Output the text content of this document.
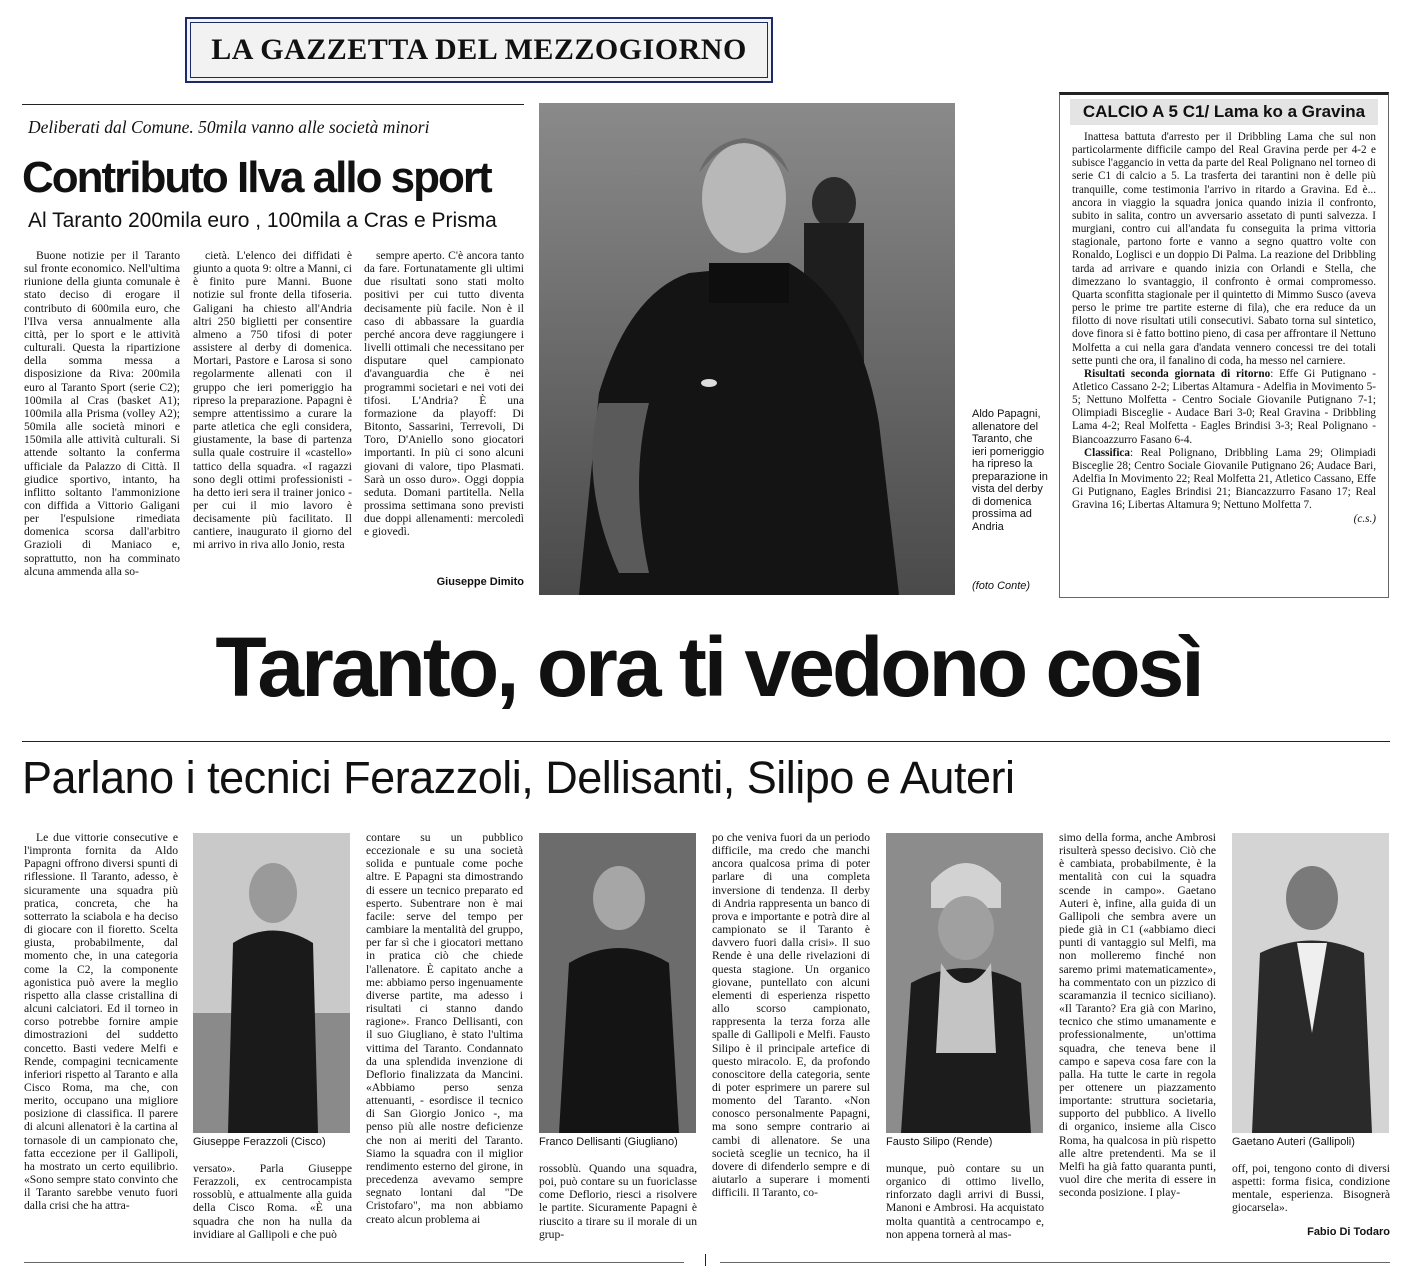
LA GAZZETTA DEL MEZZOGIORNO
Deliberati dal Comune. 50mila vanno alle società minori
Contributo Ilva allo sport
Al Taranto 200mila euro , 100mila a Cras e Prisma

Buone notizie per il Taranto sul fronte economico. Nell'ultima riunione della giunta comunale è stato deciso di erogare il contributo di 600mila euro, che l'Ilva versa annualmente alla città, per lo sport e le attività culturali. Questa la ripartizione della somma messa a disposizione da Riva: 200mila euro al Taranto Sport (serie C2); 100mila al Cras (basket A1); 100mila alla Prisma (volley A2); 50mila alle società minori e 150mila alle attività culturali. Si attende soltanto la conferma ufficiale da Palazzo di Città. Il giudice sportivo, intanto, ha inflitto soltanto l'ammonizione con diffida a Vittorio Galigani per l'espulsione rimediata domenica scorsa dall'arbitro Grazioli di Maniaco e, soprattutto, non ha comminato alcuna ammenda alla so-

cietà. L'elenco dei diffidati è giunto a quota 9: oltre a Manni, ci è finito pure Manni. Buone notizie sul fronte della tifoseria. Galigani ha chiesto all'Andria altri 250 biglietti per consentire almeno a 750 tifosi di poter assistere al derby di domenica. Mortari, Pastore e Larosa si sono regolarmente allenati con il gruppo che ieri pomeriggio ha ripreso la preparazione. Papagni è sempre attentissimo a curare la parte atletica che egli considera, giustamente, la base di partenza sulla quale costruire il «castello» tattico della squadra. «I ragazzi sono degli ottimi professionisti - ha detto ieri sera il trainer jonico - per cui il mio lavoro è decisamente più facilitato. Il cantiere, inaugurato il giorno del mi arrivo in riva allo Jonio, resta

sempre aperto. C'è ancora tanto da fare. Fortunatamente gli ultimi due risultati sono stati molto positivi per cui tutto diventa decisamente più facile. Non è il caso di abbassare la guardia perché ancora deve raggiungere i livelli ottimali che necessitano per disputare quel campionato d'avanguardia che è nei programmi societari e nei voti dei tifosi. L'Andria? È una formazione da playoff: Di Bitonto, Sassarini, Terrevoli, Di Toro, D'Aniello sono giocatori importanti. In più ci sono alcuni giovani di valore, tipo Plasmati. Sarà un osso duro». Oggi doppia seduta. Domani partitella. Nella prossima settimana sono previsti due doppi allenamenti: mercoledì e giovedì.

Giuseppe Dimito
Aldo Papagni, allenatore del Taranto, che ieri pomeriggio ha ripreso la preparazione in vista del derby di domenica prossima ad Andria
(foto Conte)
CALCIO A 5 C1/ Lama ko a Gravina

Inattesa battuta d'arresto per il Dribbling Lama che sul non particolarmente difficile campo del Real Gravina perde per 4-2 e subisce l'aggancio in vetta da parte del Real Polignano nel torneo di serie C1 di calcio a 5. La trasferta dei tarantini non è delle più tranquille, come testimonia l'arrivo in ritardo a Gravina. Ed è... ancora in viaggio la squadra jonica quando inizia il confronto, subito in salita, contro un avversario assetato di punti salvezza. I murgiani, contro cui all'andata fu conseguita la prima vittoria stagionale, partono forte e vanno a segno quattro volte con Ronaldo, Loglisci e un doppio Di Palma. La reazione del Dribbling tarda ad arrivare e quando inizia con Orlandi e Stella, che dimezzano lo svantaggio, il confronto è ormai compromesso. Quarta sconfitta stagionale per il quintetto di Mimmo Susco (aveva perso le prime tre partite esterne di fila), che era reduce da un filotto di nove risultati utili consecutivi. Sabato torna sul sintetico, dove finora si è fatto bottino pieno, di casa per affrontare il Nettuno Molfetta a cui nella gara d'andata vennero concessi tre dei totali sette punti che ora, il fanalino di coda, ha messo nel carniere.

Risultati seconda giornata di ritorno: Effe Gi Putignano - Atletico Cassano 2-2; Libertas Altamura - Adelfia in Movimento 5-5; Nettuno Molfetta - Centro Sociale Giovanile Putignano 7-1; Olimpiadi Bisceglie - Audace Bari 3-0; Real Gravina - Dribbling Lama 4-2; Real Molfetta - Eagles Brindisi 3-3; Real Polignano - Biancoazzurro Fasano 6-4.

Classifica: Real Polignano, Dribbling Lama 29; Olimpiadi Bisceglie 28; Centro Sociale Giovanile Putignano 26; Audace Bari, Adelfia In Movimento 22; Real Molfetta 21, Atletico Cassano, Effe Gi Putignano, Eagles Brindisi 21; Biancazzurro Fasano 17; Real Gravina 16; Libertas Altamura 9; Nettuno Molfetta 7.

(c.s.)
Taranto, ora ti vedono così
Parlano i tecnici Ferazzoli, Dellisanti, Silipo e Auteri

Le due vittorie consecutive e l'impronta fornita da Aldo Papagni offrono diversi spunti di riflessione. Il Taranto, adesso, è sicuramente una squadra più pratica, concreta, che ha sotterrato la sciabola e ha deciso di giocare con il fioretto. Scelta giusta, probabilmente, dal momento che, in una categoria come la C2, la componente agonistica può avere la meglio rispetto alla classe cristallina di alcuni calciatori. Ed il torneo in corso potrebbe fornire ampie dimostrazioni del suddetto concetto. Basti vedere Melfi e Rende, compagini tecnicamente inferiori rispetto al Taranto e alla Cisco Roma, ma che, con merito, occupano una migliore posizione di classifica. Il parere di alcuni allenatori è la cartina al tornasole di un campionato che, fatta eccezione per il Gallipoli, ha mostrato un certo equilibrio. «Sono sempre stato convinto che il Taranto sarebbe venuto fuori dalla crisi che ha attra-

Giuseppe Ferazzoli (Cisco)

versato». Parla Giuseppe Ferazzoli, ex centrocampista rossoblù, e attualmente alla guida della Cisco Roma. «È una squadra che non ha nulla da invidiare al Gallipoli e che può

contare su un pubblico eccezionale e su una società solida e puntuale come poche altre. E Papagni sta dimostrando di essere un tecnico preparato ed esperto. Subentrare non è mai facile: serve del tempo per cambiare la mentalità del gruppo, per far sì che i giocatori mettano in pratica ciò che chiede l'allenatore. È capitato anche a me: abbiamo perso ingenuamente diverse partite, ma adesso i risultati ci stanno dando ragione». Franco Dellisanti, con il suo Giugliano, è stato l'ultima vittima del Taranto. Condannato da una splendida invenzione di Deflorio finalizzata da Mancini. «Abbiamo perso senza attenuanti, - esordisce il tecnico di San Giorgio Jonico -, ma penso più alle nostre deficienze che non ai meriti del Taranto. Siamo la squadra con il miglior rendimento esterno del girone, in precedenza avevamo sempre segnato lontani dal "De Cristofaro", ma non abbiamo creato alcun problema ai

Franco Dellisanti (Giugliano)

rossoblù. Quando una squadra, poi, può contare su un fuoriclasse come Deflorio, riesci a risolvere le partite. Sicuramente Papagni è riuscito a tirare su il morale di un grup-

po che veniva fuori da un periodo difficile, ma credo che manchi ancora qualcosa prima di poter parlare di una completa inversione di tendenza. Il derby di Andria rappresenta un banco di prova e importante e potrà dire al campionato se il Taranto è davvero fuori dalla crisi». Il suo Rende è una delle rivelazioni di questa stagione. Un organico giovane, puntellato con alcuni elementi di esperienza rispetto allo scorso campionato, rappresenta la terza forza alle spalle di Gallipoli e Melfi. Fausto Silipo è il principale artefice di questo miracolo. E, da profondo conoscitore della categoria, sente di poter esprimere un parere sul momento del Taranto. «Non conosco personalmente Papagni, ma sono sempre contrario ai cambi di allenatore. Se una società sceglie un tecnico, ha il dovere di difenderlo sempre e di aiutarlo a superare i momenti difficili. Il Taranto, co-

Fausto Silipo (Rende)

munque, può contare su un organico di ottimo livello, rinforzato dagli arrivi di Bussi, Manoni e Ambrosi. Ha acquistato molta quantità a centrocampo e, non appena tornerà al mas-

simo della forma, anche Ambrosi risulterà spesso decisivo. Ciò che è cambiata, probabilmente, è la mentalità con cui la squadra scende in campo». Gaetano Auteri è, infine, alla guida di un Gallipoli che sembra avere un piede già in C1 («abbiamo dieci punti di vantaggio sul Melfi, ma non molleremo finché non saremo primi matematicamente», ha commentato con un pizzico di scaramanzia il tecnico siciliano). «Il Taranto? Era già con Marino, tecnico che stimo umanamente e professionalmente, un'ottima squadra, che teneva bene il campo e sapeva cosa fare con la palla. Ha tutte le carte in regola per ottenere un piazzamento importante: struttura societaria, supporto del pubblico. A livello di organico, insieme alla Cisco Roma, ha qualcosa in più rispetto alle altre pretendenti. Ma se il Melfi ha già fatto quaranta punti, vuol dire che merita di essere in seconda posizione. I play-

Gaetano Auteri (Gallipoli)

off, poi, tengono conto di diversi aspetti: forma fisica, condizione mentale, esperienza. Bisognerà giocarsela».

Fabio Di Todaro
